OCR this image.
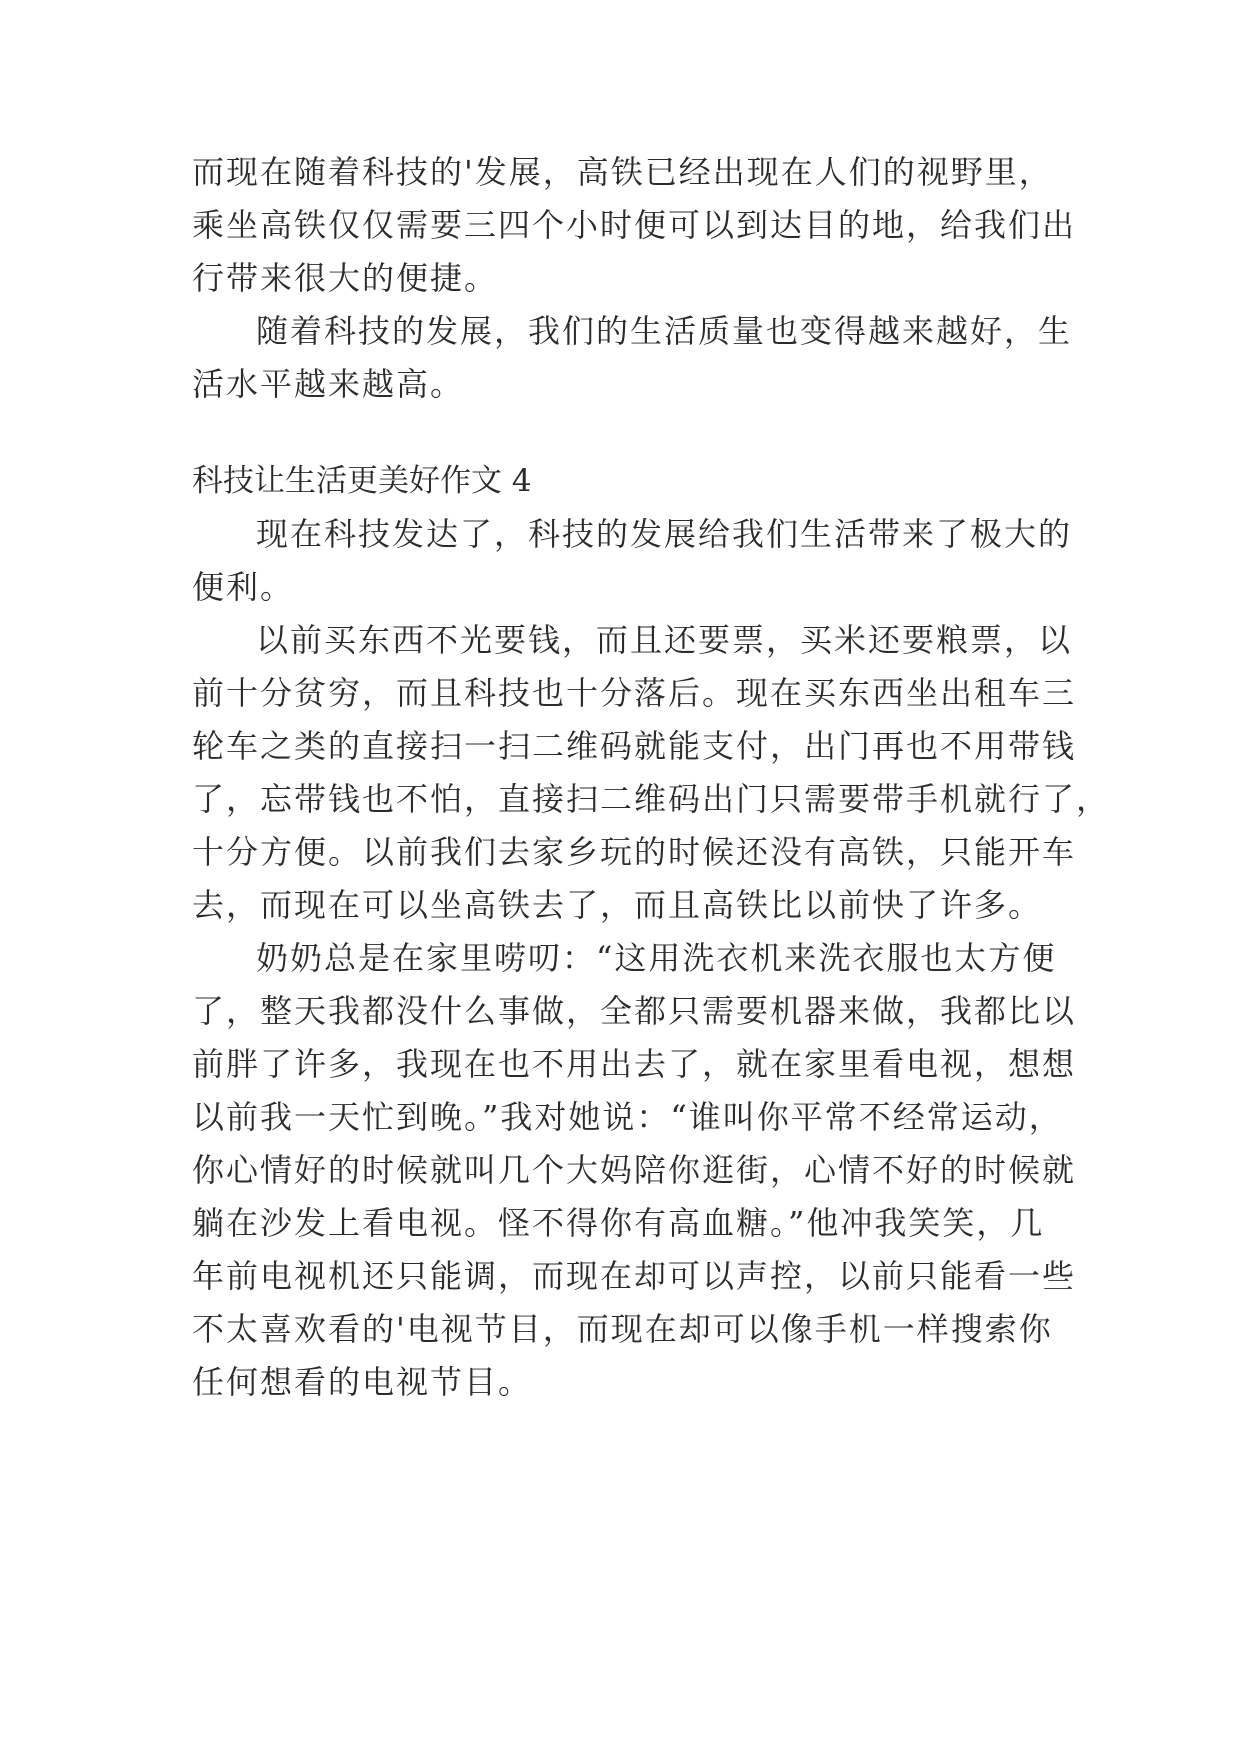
而现在随着科技的'发展，高铁已经出现在人们的视野里，
乘坐高铁仅仅需要三四个小时便可以到达目的地，给我们出
行带来很大的便捷。
随着科技的发展，我们的生活质量也变得越来越好，生
活水平越来越高。
科技让生活更美好作文 4
现在科技发达了，科技的发展给我们生活带来了极大的
便利。
以前买东西不光要钱，而且还要票，买米还要粮票，以
前十分贫穷，而且科技也十分落后。现在买东西坐出租车三
轮车之类的直接扫一扫二维码就能支付，出门再也不用带钱
了，忘带钱也不怕，直接扫二维码出门只需要带手机就行了，
十分方便。以前我们去家乡玩的时候还没有高铁，只能开车
去，而现在可以坐高铁去了，而且高铁比以前快了许多。
奶奶总是在家里唠叨：“这用洗衣机来洗衣服也太方便
了，整天我都没什么事做，全都只需要机器来做，我都比以
前胖了许多，我现在也不用出去了，就在家里看电视，想想
以前我一天忙到晚。”我对她说：“谁叫你平常不经常运动，
你心情好的时候就叫几个大妈陪你逛街，心情不好的时候就
躺在沙发上看电视。怪不得你有高血糖。”他冲我笑笑，几
年前电视机还只能调，而现在却可以声控，以前只能看一些
不太喜欢看的'电视节目，而现在却可以像手机一样搜索你
任何想看的电视节目。
